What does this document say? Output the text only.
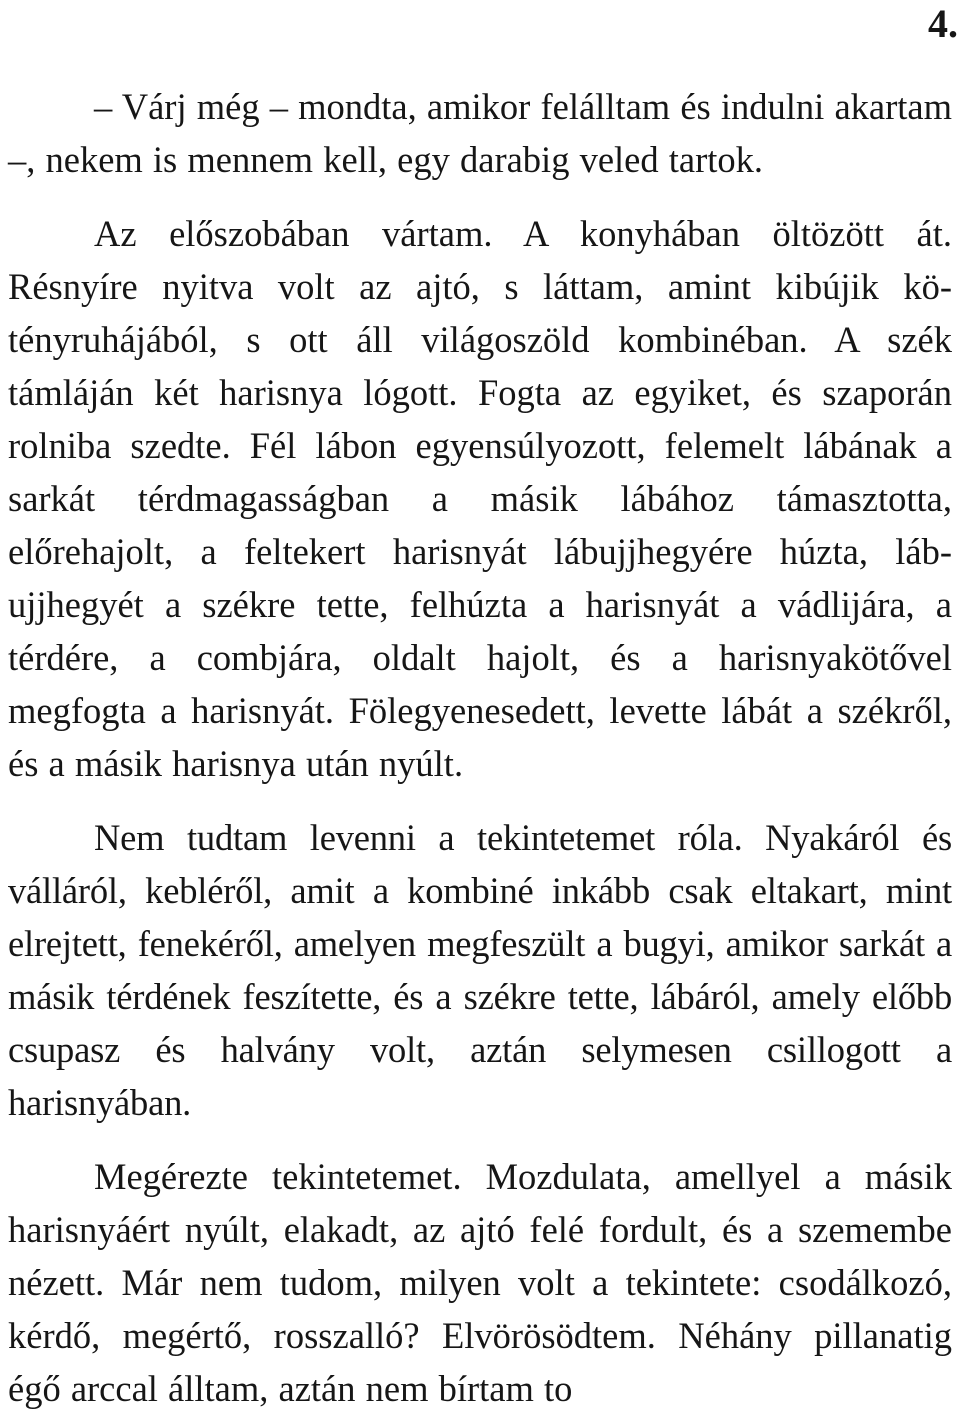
4.

– Várj még – mondta, amikor felálltam és indulni akartam –, nekem is mennem kell, egy darabig veled tartok.

Az előszobában vártam. A konyhában öltözött át. Résnyíre nyitva volt az ajtó, s láttam, amint kibújik kötényruhájából, s ott áll világoszöld kombinéban. A szék támláján két harisnya lógott. Fogta az egyiket, és szaporán rolniba szedte. Fél lábon egyensúlyozott, felemelt lábának a sarkát térdmagasságban a másik lábához támasztotta, előrehajolt, a feltekert harisnyát lábujjhegyére húzta, lábujjhegyét a székre tette, felhúzta a harisnyát a vádlijára, a térdére, a combjára, oldalt hajolt, és a harisnyakötővel megfogta a harisnyát. Fölegyenesedett, levette lábát a székről, és a másik harisnya után nyúlt.

Nem tudtam levenni a tekintetemet róla. Nyakáról és válláról, kebléről, amit a kombiné inkább csak eltakart, mint elrejtett, fenekéről, amelyen megfeszült a bugyi, amikor sarkát a másik térdének feszítette, és a székre tette, lábáról, amely előbb csupasz és halvány volt, aztán selymesen csillogott a harisnyában.

Megérezte tekintetemet. Mozdulata, amellyel a másik harisnyáért nyúlt, elakadt, az ajtó felé fordult, és a szemembe nézett. Már nem tudom, milyen volt a tekintete: csodálkozó, kérdő, megértő, rosszalló? Elvörösödtem. Néhány pillanatig égő arccal álltam, aztán nem bírtam to
